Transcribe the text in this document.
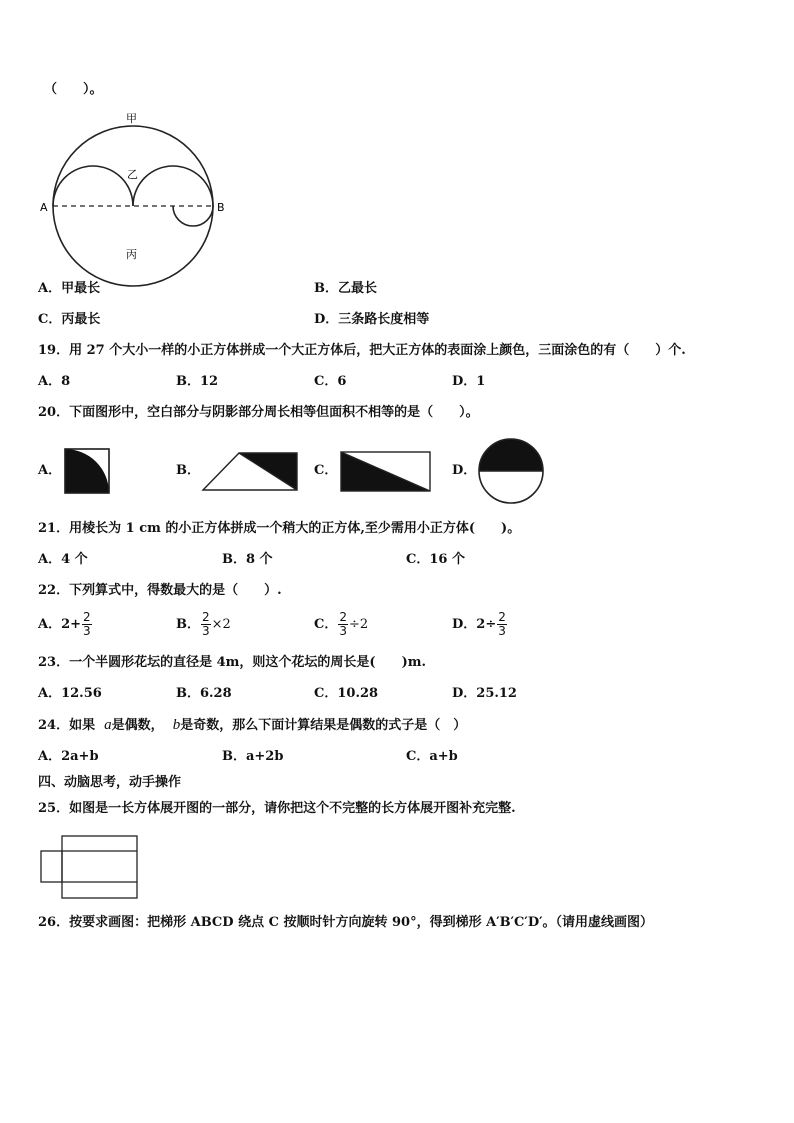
（　　）。
甲
乙
丙
A	B
A．甲最长	B．乙最长
C．丙最长	D．三条路长度相等
19．用 27 个大小一样的小正方体拼成一个大正方体后，把大正方体的表面涂上颜色，三面涂色的有（　　）个.
A．8	B．12	C．6	D．1
20．下面图形中，空白部分与阴影部分周长相等但面积不相等的是（　　）。
A．	B．	C．	D．
21．用棱长为 1 cm 的小正方体拼成一个稍大的正方体,至少需用小正方体(　　)。
A．4 个	B．8 个	C．16 个
22．下列算式中，得数最大的是（　　）.
A．$2+ \frac{2}{3}$	B． $\frac{2}{3} \times 2$	C． $\frac{2}{3} \div 2$	D．$2\div \frac{2}{3}$
23．一个半圆形花坛的直径是 4m，则这个花坛的周长是(　　)m.
A．12.56	B．6.28	C．10.28	D．25.12
24．如果 a是偶数， b是奇数，那么下面计算结果是偶数的式子是（　）
A．2a+b	B．a+2b	C．a+b
四、动脑思考，动手操作
25．如图是一长方体展开图的一部分，请你把这个不完整的长方体展开图补充完整.
26．按要求画图：把梯形 ABCD 绕点 C 按顺时针方向旋转 90°，得到梯形 A′B′C′D′。（请用虚线画图）
